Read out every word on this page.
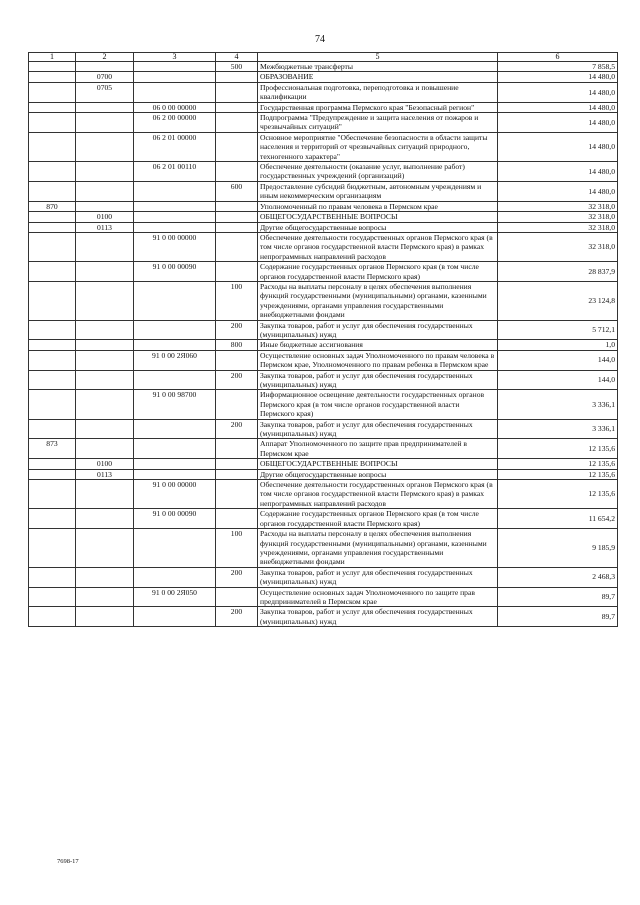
74
1	2	3	4	5	6
			500	Межбюджетные трансферты	7 858,5
	0700			ОБРАЗОВАНИЕ	14 480,0
	0705			Профессиональная подготовка, переподготовка и повышение квалификации	14 480,0
		06 0 00 00000		Государственная программа Пермского края "Безопасный регион"	14 480,0
		06 2 00 00000		Подпрограмма "Предупреждение и защита населения от пожаров и чрезвычайных ситуаций"	14 480,0
		06 2 01 00000		Основное мероприятие "Обеспечение безопасности в области защиты населения и территорий от чрезвычайных ситуаций природного, техногенного характера"	14 480,0
		06 2 01 00110		Обеспечение деятельности (оказание услуг, выполнение работ) государственных учреждений (организаций)	14 480,0
			600	Предоставление субсидий бюджетным, автономным учреждениям и иным некоммерческим организациям	14 480,0
870				Уполномоченный по правам человека в Пермском крае	32 318,0
	0100			ОБЩЕГОСУДАРСТВЕННЫЕ ВОПРОСЫ	32 318,0
	0113			Другие общегосударственные вопросы	32 318,0
		91 0 00 00000		Обеспечение деятельности государственных органов Пермского края (в том числе органов государственной власти Пермского края) в рамках непрограммных направлений расходов	32 318,0
		91 0 00 00090		Содержание государственных органов Пермского края (в том числе органов государственной власти Пермского края)	28 837,9
			100	Расходы на выплаты персоналу в целях обеспечения выполнения функций государственными (муниципальными) органами, казенными учреждениями, органами управления государственными внебюджетными фондами	23 124,8
			200	Закупка товаров, работ и услуг для обеспечения государственных (муниципальных) нужд	5 712,1
			800	Иные бюджетные ассигнования	1,0
		91 0 00 2Я060		Осуществление основных задач Уполномоченного по правам человека в Пермском крае, Уполномоченного по правам ребенка в Пермском крае	144,0
			200	Закупка товаров, работ и услуг для обеспечения государственных (муниципальных) нужд	144,0
		91 0 00 98700		Информационное освещение деятельности государственных органов Пермского края (в том числе органов государственной власти Пермского края)	3 336,1
			200	Закупка товаров, работ и услуг для обеспечения государственных (муниципальных) нужд	3 336,1
873				Аппарат Уполномоченного по защите прав предпринимателей в Пермском крае	12 135,6
	0100			ОБЩЕГОСУДАРСТВЕННЫЕ ВОПРОСЫ	12 135,6
	0113			Другие общегосударственные вопросы	12 135,6
		91 0 00 00000		Обеспечение деятельности государственных органов Пермского края (в том числе органов государственной власти Пермского края) в рамках непрограммных направлений расходов	12 135,6
		91 0 00 00090		Содержание государственных органов Пермского края (в том числе органов государственной власти Пермского края)	11 654,2
			100	Расходы на выплаты персоналу в целях обеспечения выполнения функций государственными (муниципальными) органами, казенными учреждениями, органами управления государственными внебюджетными фондами	9 185,9
			200	Закупка товаров, работ и услуг для обеспечения государственных (муниципальных) нужд	2 468,3
		91 0 00 2Я050		Осуществление основных задач Уполномоченного по защите прав предпринимателей в Пермском крае	89,7
			200	Закупка товаров, работ и услуг для обеспечения государственных (муниципальных) нужд	89,7
7698-17
